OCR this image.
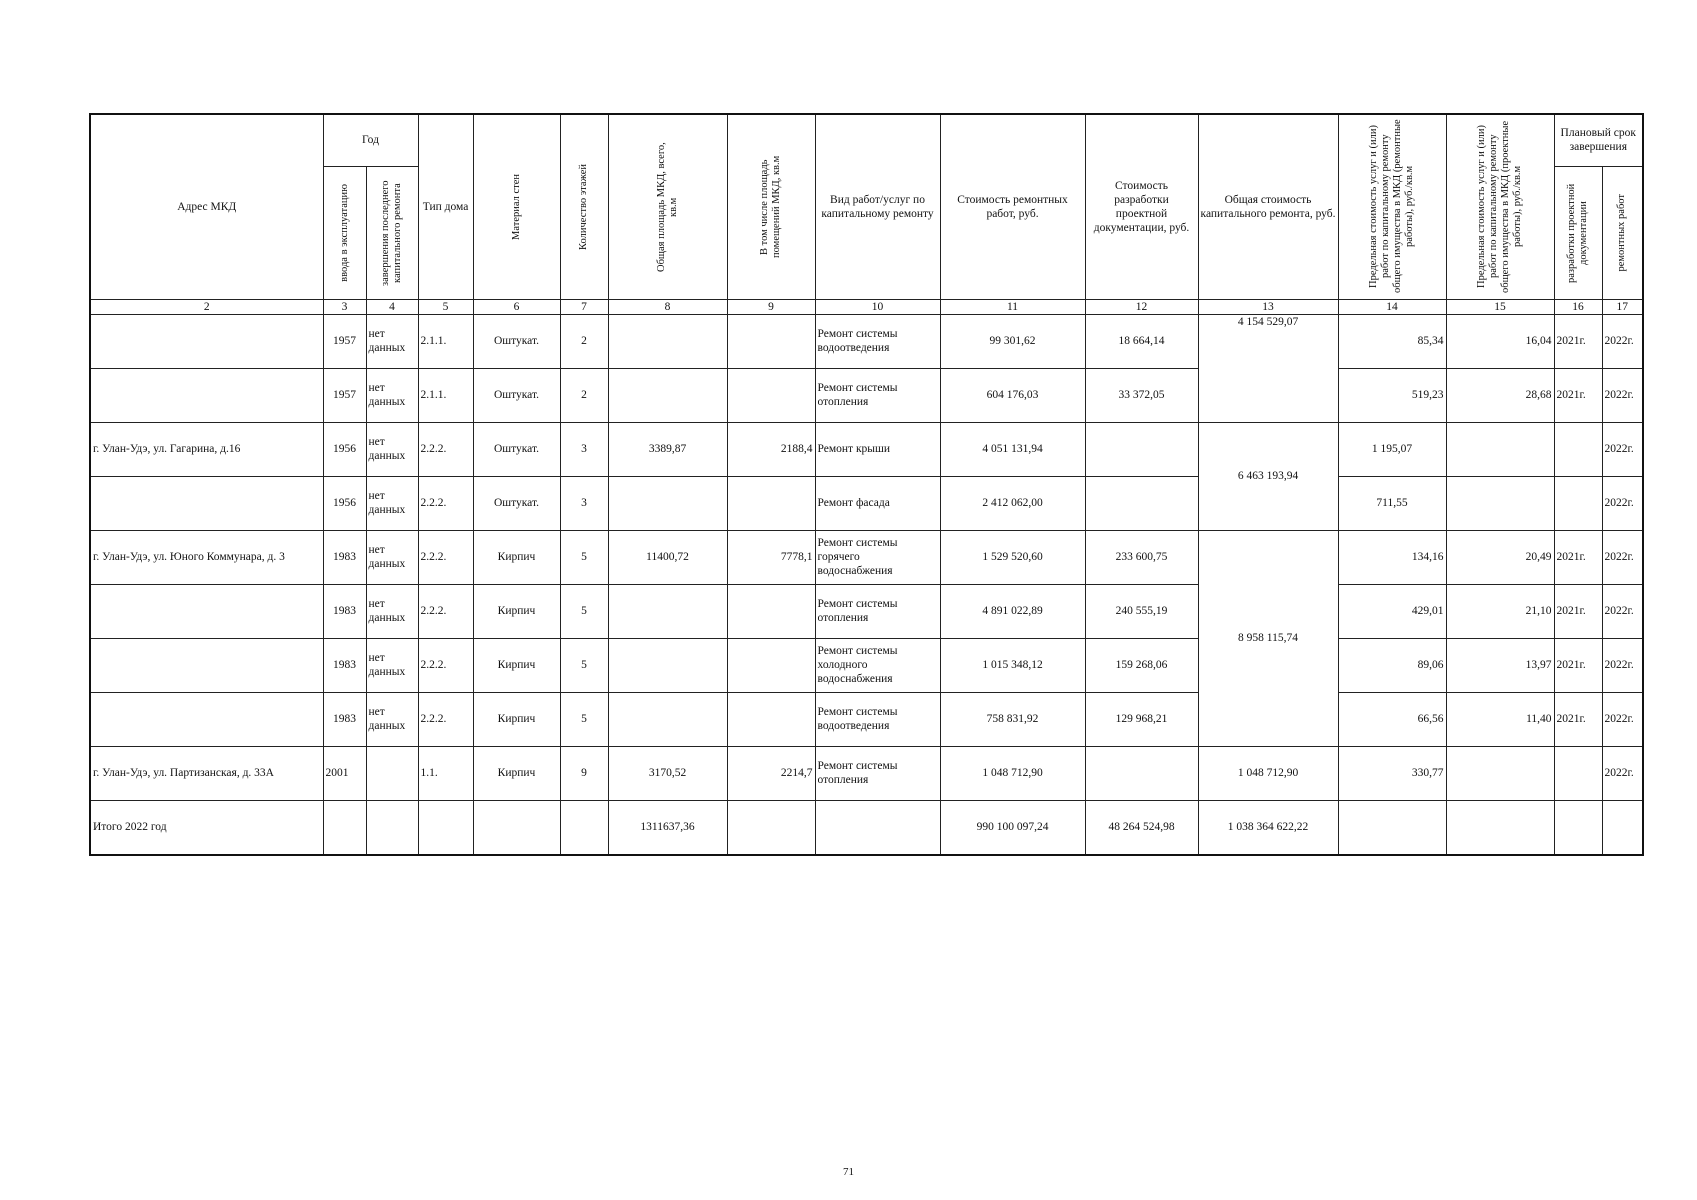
Адрес МКД	Год		Тип дома	Материал стен	Количество этажей	Общая площадь МКД, всего, кв.м	В том числе площадь помещений МКД, кв.м	Вид работ/услуг по капитальному ремонту	Стоимость ремонтных работ, руб.	Стоимость разработки проектной документации, руб.	Общая стоимость капитального ремонта, руб.	Предельная стоимость услуг и (или) работ по капитальному ремонту общего имущества в МКД (ремонтные работы), руб./кв.м	Предельная стоимость услуг и (или) работ по капитальному ремонту общего имущества в МКД (проектные работы), руб./кв.м	Плановый срок завершения	

	ввода в эксплуатацию	завершения последнего капитального ремонта												разработки проектной документации	ремонтных работ

2	3	4	5	6	7	8	9	10	11	12	13	14	15	16	17
	1957	нет данных	2.1.1.	Оштукат.	2			Ремонт системы водоотведения	99 301,62	18 664,14	4 154 529,07	85,34	16,04	2021г.	2022г.
	1957	нет данных	2.1.1.	Оштукат.	2			Ремонт системы отопления	604 176,03	33 372,05		519,23	28,68	2021г.	2022г.
г. Улан-Удэ, ул. Гагарина, д.16	1956	нет данных	2.2.2.	Оштукат.	3	3389,87	2188,4	Ремонт крыши	4 051 131,94		6 463 193,94	1 195,07			2022г.
	1956	нет данных	2.2.2.	Оштукат.	3			Ремонт фасада	2 412 062,00			711,55			2022г.
г. Улан-Удэ, ул. Юного Коммунара, д. 3	1983	нет данных	2.2.2.	Кирпич	5	11400,72	7778,1	Ремонт системы горячего водоснабжения	1 529 520,60	233 600,75	8 958 115,74	134,16	20,49	2021г.	2022г.
	1983	нет данных	2.2.2.	Кирпич	5			Ремонт системы отопления	4 891 022,89	240 555,19		429,01	21,10	2021г.	2022г.
	1983	нет данных	2.2.2.	Кирпич	5			Ремонт системы холодного водоснабжения	1 015 348,12	159 268,06		89,06	13,97	2021г.	2022г.
	1983	нет данных	2.2.2.	Кирпич	5			Ремонт системы водоотведения	758 831,92	129 968,21		66,56	11,40	2021г.	2022г.
г. Улан-Удэ, ул. Партизанская, д. 33А	2001		1.1.	Кирпич	9	3170,52	2214,7	Ремонт системы отопления	1 048 712,90		1 048 712,90	330,77			2022г.
Итого 2022 год						1311637,36			990 100 097,24	48 264 524,98	1 038 364 622,22				
71
